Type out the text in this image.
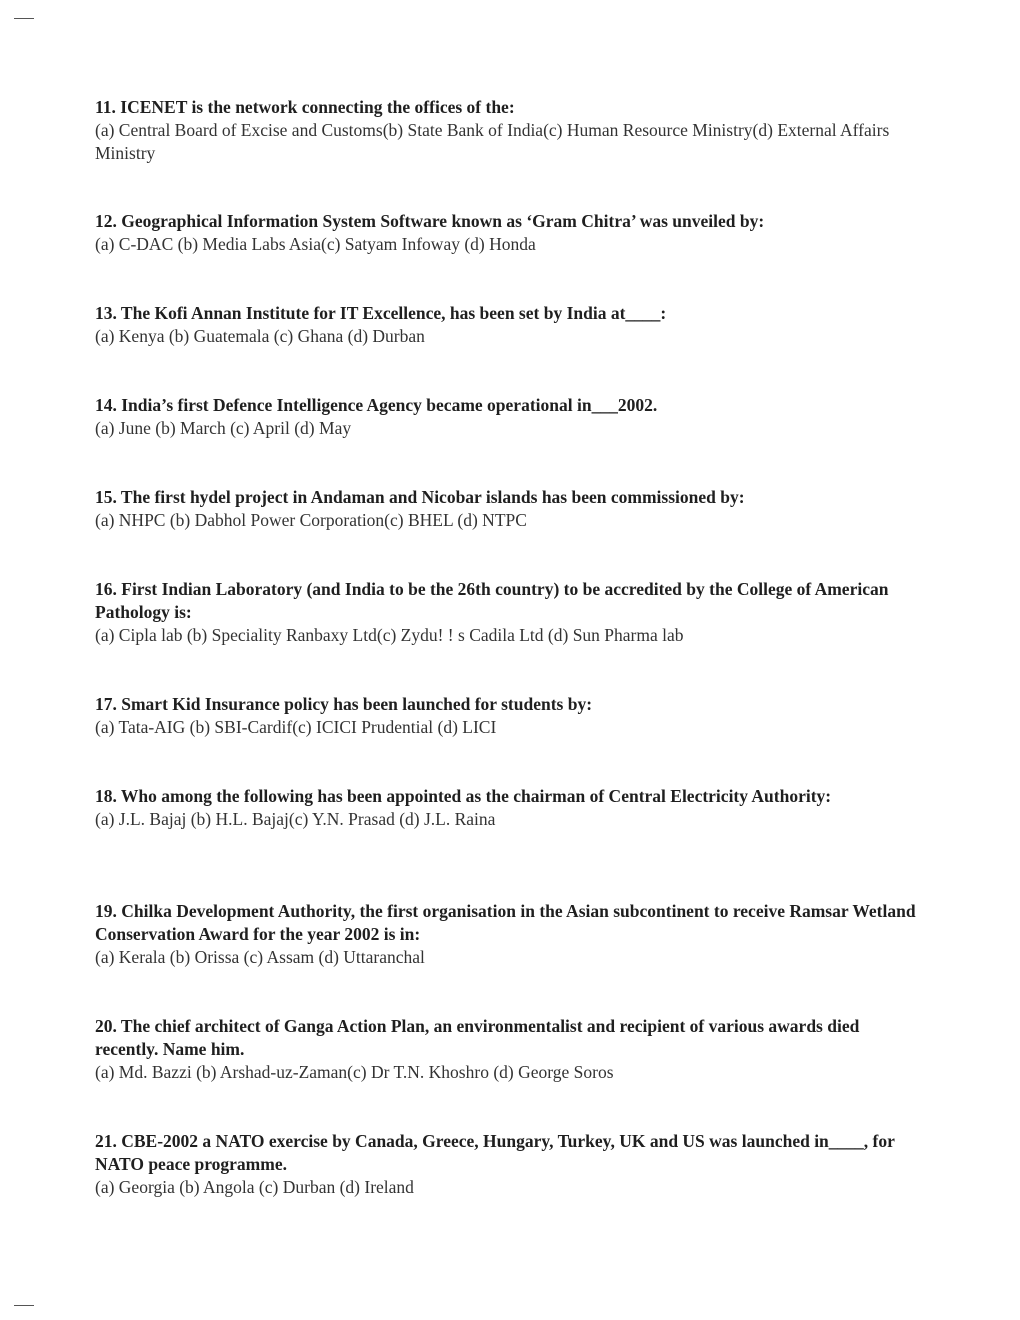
11. ICENET is the network connecting the offices of the:

(a) Central Board of Excise and Customs(b) State Bank of India(c) Human Resource Ministry(d) External Affairs Ministry

12. Geographical Information System Software known as ‘Gram Chitra’ was unveiled by:

(a) C-DAC (b) Media Labs Asia(c) Satyam Infoway (d) Honda

13. The Kofi Annan Institute for IT Excellence, has been set by India at____:

(a) Kenya (b) Guatemala (c) Ghana (d) Durban

14. India’s first Defence Intelligence Agency became operational in___2002.

(a) June (b) March (c) April (d) May

15. The first hydel project in Andaman and Nicobar islands has been commissioned by:

(a) NHPC (b) Dabhol Power Corporation(c) BHEL (d) NTPC

16. First Indian Laboratory (and India to be the 26th country) to be accredited by the College of American Pathology is:

(a) Cipla lab (b) Speciality Ranbaxy Ltd(c) Zydu! ! s Cadila Ltd (d) Sun Pharma lab

17. Smart Kid Insurance policy has been launched for students by:

(a) Tata-AIG (b) SBI-Cardif(c) ICICI Prudential (d) LICI

18. Who among the following has been appointed as the chairman of Central Electricity Authority:

(a) J.L. Bajaj (b) H.L. Bajaj(c) Y.N. Prasad (d) J.L. Raina

19. Chilka Development Authority, the first organisation in the Asian subcontinent to receive Ramsar Wetland Conservation Award for the year 2002 is in:

(a) Kerala (b) Orissa (c) Assam (d) Uttaranchal

20. The chief architect of Ganga Action Plan, an environmentalist and recipient of various awards died recently. Name him.

(a) Md. Bazzi (b) Arshad-uz-Zaman(c) Dr T.N. Khoshro (d) George Soros

21. CBE-2002 a NATO exercise by Canada, Greece, Hungary, Turkey, UK and US was launched in____, for NATO peace programme.

(a) Georgia (b) Angola (c) Durban (d) Ireland
